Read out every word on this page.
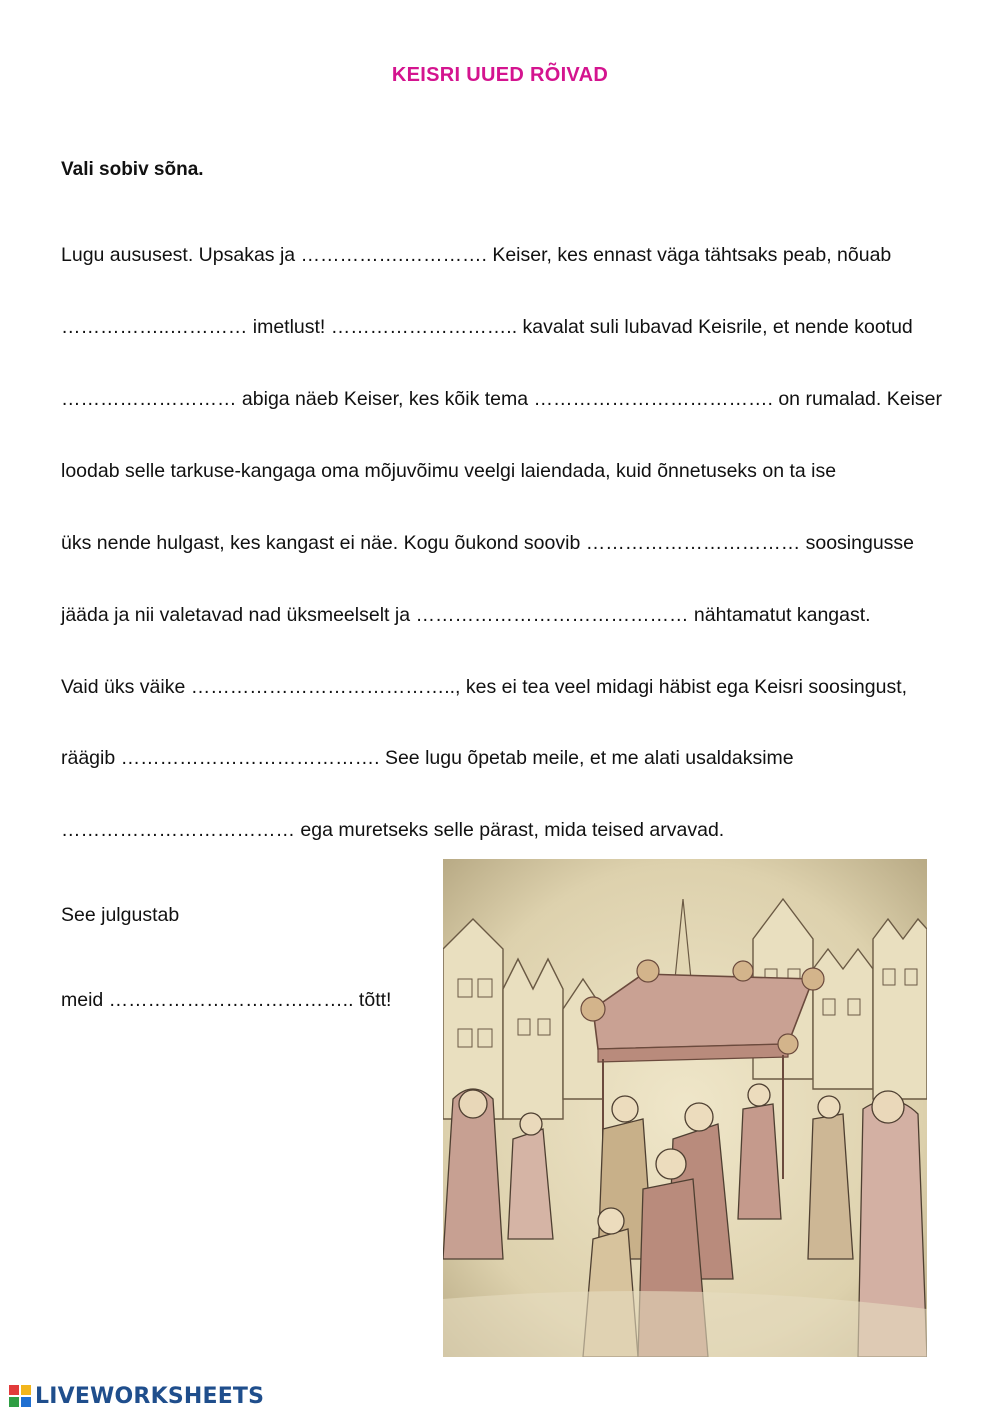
KEISRI UUED RÕIVAD
Vali sobiv sõna.
Lugu aususest. Upsakas ja …………….…………. Keiser, kes ennast väga tähtsaks peab, nõuab
……………..………… imetlust! ……………………….. kavalat suli lubavad Keisrile, et nende kootud
……………………… abiga näeb Keiser, kes kõik tema ………………………………. on rumalad. Keiser
loodab selle tarkuse-kangaga oma mõjuvõimu veelgi laiendada, kuid õnnetuseks on ta ise
üks nende hulgast, kes kangast ei näe. Kogu õukond soovib …………………………… soosingusse
jääda ja nii valetavad nad üksmeelselt ja …………………………………… nähtamatut kangast.
Vaid üks väike ………………………………….., kes ei tea veel midagi häbist ega Keisri soosingust,
räägib …………………………………. See lugu õpetab meile, et me alati usaldaksime
……………………………… ega muretseks selle pärast, mida teised arvavad.
See julgustab
meid ……………………………….. tõtt!
LIVEWORKSHEETS
